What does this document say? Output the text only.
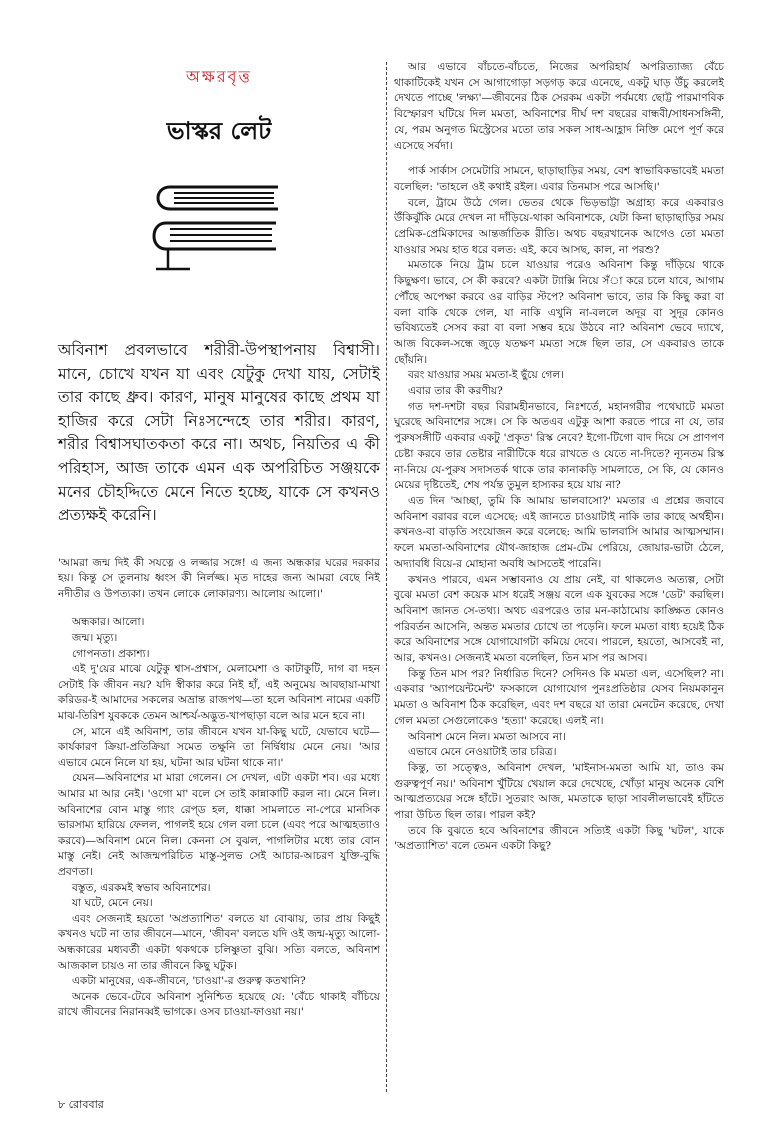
অক্ষরবৃত্ত
ভাস্কর লেট
অবিনাশ প্রবলভাবে শরীরী-উপস্থাপনায় বিশ্বাসী। মানে, চোখে যখন যা এবং যেটুকু দেখা যায়, সেটাই তার কাছে ধ্রুব। কারণ, মানুষ মানুষের কাছে প্রথম যা হাজির করে সেটা নিঃসন্দেহে তার শরীর। কারণ, শরীর বিশ্বাসঘাতকতা করে না। অথচ, নিয়তির এ কী পরিহাস, আজ তাকে এমন এক অপরিচিত সঞ্জয়কে মনের চৌহদ্দিতে মেনে নিতে হচ্ছে, যাকে সে কখনও প্রত্যক্ষই করেনি।
'আমরা জন্ম দিই কী সযত্নে ও লজ্জার সঙ্গে! এ জন্য অন্ধকার ঘরের দরকার হয়। কিন্তু সে তুলনায় ধ্বংস কী নির্লজ্জ। মৃত দাহের জন্য আমরা বেছে নিই নদীতীর ও উপত্যকা। তখন লোকে লোকারণ্য। আলোয় আলো।'
অন্ধকার। আলো।
জন্ম। মৃত্যু।
গোপনতা। প্রকাশ্য।

এই দু'য়ের মাঝে যেটুকু শ্বাস-প্রশ্বাস, মেলামেশা ও কাটাকুটি, দাগ বা দহন সেটাই কি জীবন নয়? যদি স্বীকার করে নিই হাঁ, এই অনুমেয় আবছায়া-মাখা করিডর-ই আমাদের সকলের অভ্রান্ত রাজপথ—তা হলে অবিনাশ নামের একটি মাঝ-তিরিশ যুবককে তেমন আশ্চর্য-অদ্ভুত-খাপছাড়া বলে আর মনে হবে না।

সে, মানে এই অবিনাশ, তার জীবনে যখন যা-কিছু ঘটে, যেভাবে ঘটে—কার্যকারণ ক্রিয়া-প্রতিক্রিয়া সমেত তক্ষুনি তা নির্দ্বিধায় মেনে নেয়। 'আর এভাবে মেনে নিলে যা হয়, ঘটনা আর ঘটনা থাকে না।'

যেমন—অবিনাশের মা মারা গেলেন। সে দেখল, এটা একটা শব। এর মধ্যে আমার মা আর নেই। 'ওগো মা' বলে সে তাই কান্নাকাটি করল না। মেনে নিল। অবিনাশের বোন মাস্তু গ্যাং রেপ্‌ড হল, ধাক্কা সামলাতে না-পেরে মানসিক ভারসাম্য হারিয়ে ফেলল, পাগলই হয়ে গেল বলা চলে (এবং পরে আত্মহত্যাও করবে)—অবিনাশ মেনে নিল। কেননা সে বুঝল, পাগলিটার মধ্যে তার বোন মাস্তু নেই। নেই আজন্মপরিচিত মাস্তু-সুলভ সেই আচার-আচরণ যুক্তি-বুদ্ধি প্রবণতা।

বস্তুত, এরকমই স্বভাব অবিনাশের।

যা ঘটে, মেনে নেয়।

এবং সেজন্যই হয়তো 'অপ্রত্যাশিত' বলতে যা বোঝায়, তার প্রায় কিছুই কখনও ঘটে না তার জীবনে—মানে, 'জীবন' বলতে যদি ওই জন্ম-মৃত্যু আলো-অন্ধকারের মধ্যবর্তী একটা থকথকে চলিষ্ণুতা বুঝি। সত্যি বলতে, অবিনাশ আজকাল চায়ও না তার জীবনে কিছু ঘটুক।

একটা মানুষের, এক-জীবনে, 'চাওয়া'-র গুরুত্ব কতখানি?

অনেক ভেবে-টেবে অবিনাশ সুনিশ্চিত হয়েছে যে: 'বেঁচে থাকাই বাঁচিয়ে রাখে জীবনের নিরানব্বই ভাগকে। ওসব চাওয়া-ফাওয়া নয়।'

আর এভাবে বাঁচতে-বাঁচতে, নিজের অপরিহার্য অপরিত্যাজ্য বেঁচে থাকাটিকেই যখন সে আগাগোড়া সড়গড় করে এনেছে, একটু ঘাড় উঁচু করলেই দেখতে পাচ্ছে 'লক্ষ্য'—জীবনের ঠিক সেরকম একটা পর্বমধ্যে ছোট্ট পারমাণবিক বিস্ফোরণ ঘটিয়ে দিল মমতা, অবিনাশের দীর্ঘ দশ বছরের বান্ধবী/সাধনসঙ্গিনী, যে, পরম অনুগত মিস্ট্রেসের মতো তার সকল সাধ-আহ্লাদ নিক্তি মেপে পূর্ণ করে এসেছে সর্বদা।

পার্ক সার্কাস সেমেটারি সামনে, ছাড়াছাড়ির সময়, বেশ স্বাভাবিকভাবেই মমতা বলেছিল: 'তাহলে ওই কথাই রইল। এবার তিনমাস পরে আসছি।'

বলে, ট্রামে উঠে গেল। ভেতর থেকে ভিড়ভাট্টা অগ্রাহ্য করে একবারও উঁকিঝুঁকি মেরে দেখল না দাঁড়িয়ে-থাকা অবিনাশকে, যেটা কিনা ছাড়াছাড়ির সময় প্রেমিক-প্রেমিকাদের আন্তর্জাতিক রীতি। অথচ বছরখানেক আগেও তো মমতা যাওয়ার সময় হাত ধরে বলত: এই, কবে আসছ, কাল, না পরশু?

মমতাকে নিয়ে ট্রাম চলে যাওয়ার পরেও অবিনাশ কিন্তু দাঁড়িয়ে থাকে কিছুক্ষণ। ভাবে, সে কী করবে? একটা ট্যাক্সি নিয়ে সঁা করে চলে যাবে, আগাম পৌঁছে অপেক্ষা করবে ওর বাড়ির স্টপে? অবিনাশ ভাবে, তার কি কিছু করা বা বলা বাকি থেকে গেল, যা নাকি এখুনি না-বললে অদূর বা সুদূর কোনও ভবিষ্যতেই সেসব করা বা বলা সম্ভব হয়ে উঠবে না? অবিনাশ ভেবে দ্যাখে, আজ বিকেল-সন্ধে জুড়ে যতক্ষণ মমতা সঙ্গে ছিল তার, সে একবারও তাকে ছোঁয়নি।

বরং যাওয়ার সময় মমতা-ই ছুঁয়ে গেল।

এবার তার কী করণীয়?

গত দশ-দশটা বছর বিরামহীনভাবে, নিঃশর্তে, মহানগরীর পথেঘাটে মমতা ঘুরেছে অবিনাশের সঙ্গে। সে কি অতএব এটুকু আশা করতে পারে না যে, তার পুরুষসঙ্গীটি একবার একটু 'প্রকৃত' রিস্ক নেবে? ইগো-টিগো বাদ দিয়ে সে প্রাণপণ চেষ্টা করবে তার তেষ্টার নারীটিকে ধরে রাখতে ও যেতে না-দিতে? ন্যূনতম রিস্ক না-নিয়ে যে-পুরুষ সদাসতর্ক থাকে তার কানাকড়ি সামলাতে, সে কি, যে কোনও মেয়ের দৃষ্টিতেই, শেষ পর্যন্ত তুমুল হাস্যকর হয়ে যায় না?

এত দিন 'আচ্ছা, তুমি কি আমায় ভালবাসো?' মমতার এ প্রশ্নের জবাবে অবিনাশ বরাবর বলে এসেছে: এই জানতে চাওয়াটাই নাকি তার কাছে অর্থহীন। কখনও-বা বাড়তি সংযোজন করে বলেছে: আমি ভালবাসি আমার আত্মসম্মান। ফলে মমতা-অবিনাশের যৌথ-জাহাজ প্রেম-টেম পেরিয়ে, জোয়ার-ভাটা ঠেলে, অদ্যাবধি বিয়ে-র মোহানা অবধি আসতেই পারেনি।

কখনও পারবে, এমন সম্ভাবনাও যে প্রায় নেই, বা থাকলেও অত্যল্প, সেটা বুঝে মমতা বেশ কয়েক মাস ধরেই সঞ্জয় বলে এক যুবকের সঙ্গে 'ডেট' করছিল। অবিনাশ জানত সে-তথ্য। অথচ এরপরেও তার মন-কাঠামোয় কাঙ্ক্ষিত কোনও পরিবর্তন আসেনি, অন্তত মমতার চোখে তা পড়েনি। ফলে মমতা বাধ্য হয়েই ঠিক করে অবিনাশের সঙ্গে যোগাযোগটা কমিয়ে দেবে। পারলে, হয়তো, আসবেই না, আর, কখনও। সেজন্যই মমতা বলেছিল, তিন মাস পর আসব।

কিন্তু তিন মাস পর? নির্ধারিত দিনে? সেদিনও কি মমতা এল, এসেছিল? না। একবার 'অ্যাপয়েন্টমেন্ট' ফসকালে যোগাযোগ পুনঃপ্রতিষ্ঠার যেসব নিয়মকানুন মমতা ও অবিনাশ ঠিক করেছিল, এবং দশ বছরে যা তারা মেনটেন করেছে, দেখা গেল মমতা সেগুলোকেও 'হত্যা' করেছে। এলই না।

অবিনাশ মেনে নিল। মমতা আসবে না।

এভাবে মেনে নেওয়াটাই তার চরিত্র।

কিন্তু, তা সত্ত্বেও, অবিনাশ দেখল, 'মাইনাস-মমতা আমি যা, তাও কম গুরুত্বপূর্ণ নয়।' অবিনাশ খুঁটিয়ে খেয়াল করে দেখেছে, খোঁড়া মানুষ অনেক বেশি আত্মপ্রত্যয়ের সঙ্গে হাঁটে। সুতরাং আজ, মমতাকে ছাড়া সাবলীলভাবেই হাঁটতে পারা উচিত ছিল তার। পারল কই?

তবে কি বুঝতে হবে অবিনাশের জীবনে সত্যিই একটা কিছু 'ঘটল', যাকে 'অপ্রত্যাশিত' বলে তেমন একটা কিছু?

৮ রোববার
